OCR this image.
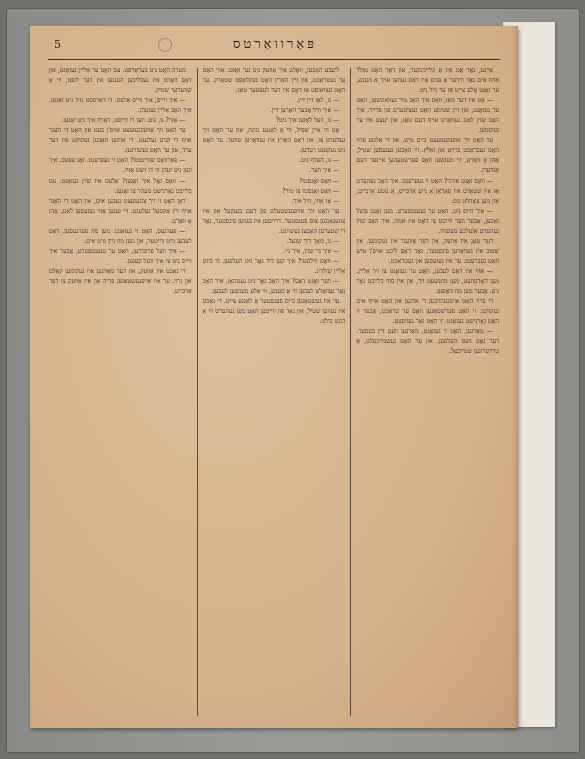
5	פּאַרוואַרטס

אייגע, נאָר אָט איז אַ קליינינקער, און דאָך האָט נאַלד אויף אים נאָר ווידער אַ פּנים איז דאָס געווען אויך אַ מענש, ער זאָגט אַלע צייט אַז ער וויל ניט.

— אָט איז דער מאַן, וואָס איך האָב מיר געוואונשען, האָט ער געזאָגט, און זיין שטימע האָט געציטערט פון פרייד. איך האָב שוין לאַנג געוואָרט אויף דעם טאָג, און יעצט איז ער געקומען.

ער האָט זיך אוועקגעזעצט ביים טיש, און די אַלטע פרוי האָט געבראַכט ברויט און זאַלץ. זיי האָבען געגעסען שטיל, אָהן אַ וואָרט, ווי מענשען וואָס פערשטעהען איינער דעם אַנדערן.

— וואָס זאָגט איהר? האָט זי געפרעגט. איך האָב געהערט אַז אין שטאָדט איז פאַראַן אַ נייע אַרבייט, אַ גוטע אַרבייט, און מען צאָהלט גוט.

— איך ווייס ניט, האָט ער געענטפערט. מען זאָגט פיעל זאַכען, אָבער ווער ווייסט צי דאָס איז אמת. איך האָב שוין געהערט אַזעלכע מעשות.

דער טאָג איז אַוועק, און דער אָווענד איז געקומען. אין שטוב איז געוואָרען פינסטער, נאָר דאָס ליכט אויפ'ן טיש האָט געברענט. ער איז געזעסען און געטראַכט.

— אַזוי איז דאָס לעבען, האָט ער געזאָגט צו זיך אַליין. מען האָרעוועט, מען מוטשעט זיך, און אין סוף בלייבט גאָר ניט. אָבער מען מוז האָפען.

די פרוי האָט אויפגעהויבען די אויגען און האָט אויף אים געקוקט. זי האָט פערשטאַנען וואָס ער טראַכט, אָבער זי האָט גאָרנישט געזאָגט. זי האָט נאָר געזיפצט.

— מאָרגען, האָט זי געזאָגט, מאָרגען וועט זיין בעסער. דער גאָט וועט העלפען. און ער האָט געשמייכעלט, אַ טרויעריגען שמייכעל.

ליעבע האַבען, וואָלט איך אַוועק ניט גע־ זאָגט. אַזוי האָט ער געטראַכט, און זיין האַרץ האָט געקלאַפּט שטאַרק. ער האָט געוואוסט אַז דאָס איז דער לעצטער טאָג.

— נו, לאָז זיין זיין.

— איך וויל אָבער האָרען זיין.

— נו, וועל לאָזען איך ניט?

אָט ווי איין שפּיל, ווי אַ לאַנגע נגינה, און ער האָט זיך געהערט צו, און דאָס האַרץ איז געוואָרען שווער. ער האָט ניט געקענט רעדען.

— נו, העלף ניט.

— איך ווער.

— וואָס זאָגסטו?

— וואָס זאָגסטו צו מיר?

— אַז אַזוי, וויל איך.

ער האָט זיך אויפגעשטעלט פון דעם בענקעל און איז צוגעגאַנגען צום פענסטער. דרויסען איז געווען פינסטער, נאָר די שטערען האָבען געשיינט.

— נו, מאָך דיך שנעל.

— איך גיי שוין, איך גיי.

— וואָס ווילסטו? איך קען דיר גאָר ניט העלפען. דו ביזט אַליין שולדיג.

— ווער זאָגט דאָס? איך האָב גאָר ניט געטהאָן. איך האָב נאָר געוואָלט לעבען ווי אַ מענש, ווי אַלע מענשען לעבען.

ער איז געשטאַנען ביים פענסטער אַ לאַנגע צייט. די נאַכט איז געווען שטיל, און נאָר פון ווייטען האָט מען געהערט ווי אַ הונט בילט.

מערה האָט ניט בעדאַרפט. עס האָט ער אַליין געזאָגט, און דאָס וואָרט איז געבליבען הענגען אין דער לופט, ווי אַ שווערער שטיין.

— איך ווייס, איך ווייס אַלעס. דו דאַרפסט מיר ניט זאָגען. איך האָב אַליין געזעהן.

— אַזוי? נו, גוט. ווען דו ווייסט, דאַרף איך ניט זאָגען.

ער האָט זיך אַוועקגעזעצט אויפ'ן בעט און האָט די הענד אויף די קניע געלעגט. די אויגען האָבען געקוקט אין דער ערד, און ער האָט געשוויגען.

— פאַרוואָס שווייגסטו? האָט זי געפרעגט. זאָג עפּעס. איך קען ניט זעהן ווי דו זיצט אַזוי.

— וואָס זאָל איך זאָגען? אַלעס איז שוין געזאָגט. עס בלייבט גאָרנישט מעהר צו זאָגען.

דאַן האָט זי זיך צוגעזעצט נעבען אים, און האָט די האַנד אויף זיין אַקסעל געלעגט. זיי זענען אַזוי געזעסען לאַנג, אָהן אַ וואָרט.

— פערגעס, האָט זי געזאָגט. מען מוז פערגעסען. דאָס לעבען גייט ווייטער, און מען מוז גיין מיט אים.

— איך וועל פרובירען, האָט ער געענטפערט, אָבער איך ווייס ניט צי איך וועל קענען.

די נאַכט איז אַוועק, און דער מאָרגען איז געקומען קאַלט און גרוי. ער איז אויפגעשטאַנען פריה און איז אַוועק צו דער אַרבייט.
